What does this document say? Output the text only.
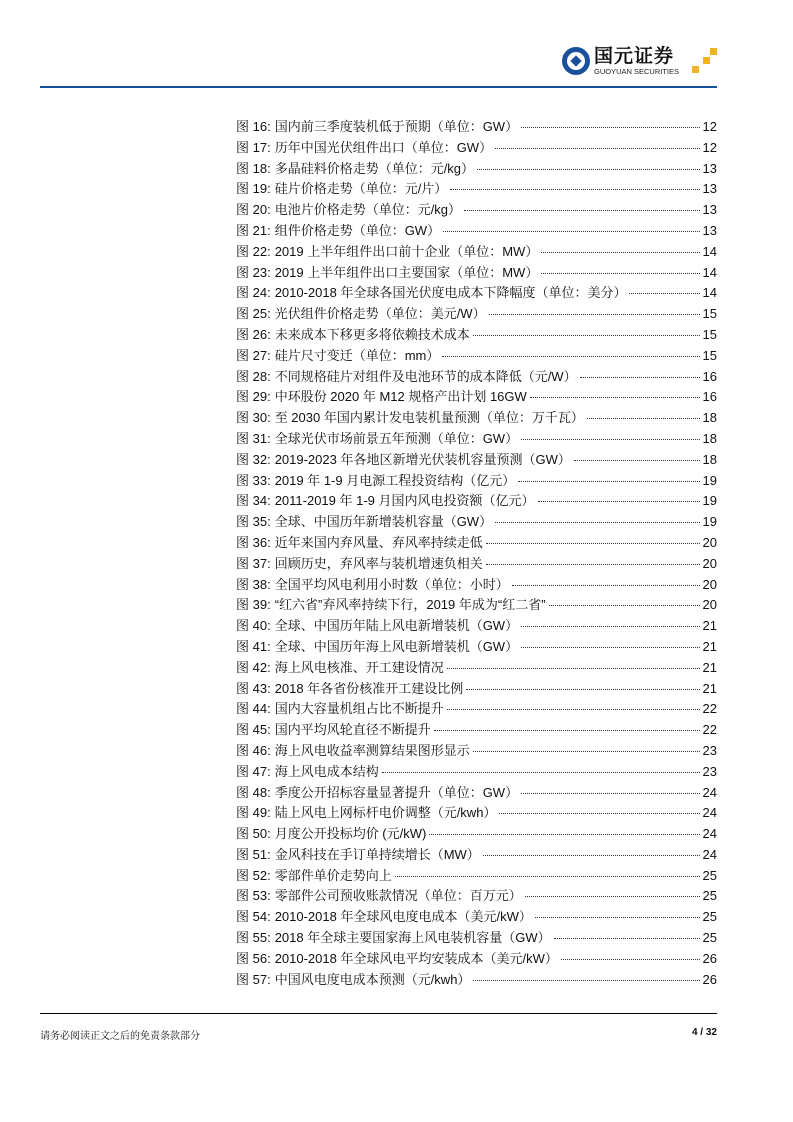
国元证券
GUOYUAN SECURITIES
图 16: 国内前三季度装机低于预期（单位：GW）	12
图 17: 历年中国光伏组件出口（单位：GW）	12
图 18: 多晶硅料价格走势（单位：元/kg）	13
图 19: 硅片价格走势（单位：元/片）	13
图 20: 电池片价格走势（单位：元/kg）	13
图 21: 组件价格走势（单位：GW）	13
图 22: 2019 上半年组件出口前十企业（单位：MW）	14
图 23: 2019 上半年组件出口主要国家（单位：MW）	14
图 24: 2010-2018 年全球各国光伏度电成本下降幅度（单位：美分）	14
图 25: 光伏组件价格走势（单位：美元/W）	15
图 26: 未来成本下移更多将依赖技术成本	15
图 27: 硅片尺寸变迁（单位：mm）	15
图 28: 不同规格硅片对组件及电池环节的成本降低（元/W）	16
图 29: 中环股份 2020 年 M12 规格产出计划 16GW	16
图 30: 至 2030 年国内累计发电装机量预测（单位：万千瓦）	18
图 31: 全球光伏市场前景五年预测（单位：GW）	18
图 32: 2019-2023 年各地区新增光伏装机容量预测（GW）	18
图 33: 2019 年 1-9 月电源工程投资结构（亿元）	19
图 34: 2011-2019 年 1-9 月国内风电投资额（亿元）	19
图 35: 全球、中国历年新增装机容量（GW）	19
图 36: 近年来国内弃风量、弃风率持续走低	20
图 37: 回顾历史，弃风率与装机增速负相关	20
图 38: 全国平均风电利用小时数（单位：小时）	20
图 39: “红六省”弃风率持续下行，2019 年成为“红二省”	20
图 40: 全球、中国历年陆上风电新增装机（GW）	21
图 41: 全球、中国历年海上风电新增装机（GW）	21
图 42: 海上风电核准、开工建设情况	21
图 43: 2018 年各省份核准开工建设比例	21
图 44: 国内大容量机组占比不断提升	22
图 45: 国内平均风轮直径不断提升	22
图 46: 海上风电收益率测算结果图形显示	23
图 47: 海上风电成本结构	23
图 48: 季度公开招标容量显著提升（单位：GW）	24
图 49: 陆上风电上网标杆电价调整（元/kwh）	24
图 50: 月度公开投标均价 (元/kW)	24
图 51: 金风科技在手订单持续增长（MW）	24
图 52: 零部件单价走势向上	25
图 53: 零部件公司预收账款情况（单位：百万元）	25
图 54: 2010-2018 年全球风电度电成本（美元/kW）	25
图 55: 2018 年全球主要国家海上风电装机容量（GW）	25
图 56: 2010-2018 年全球风电平均安装成本（美元/kW）	26
图 57: 中国风电度电成本预测（元/kwh）	26
请务必阅读正文之后的免责条款部分	4 / 32
